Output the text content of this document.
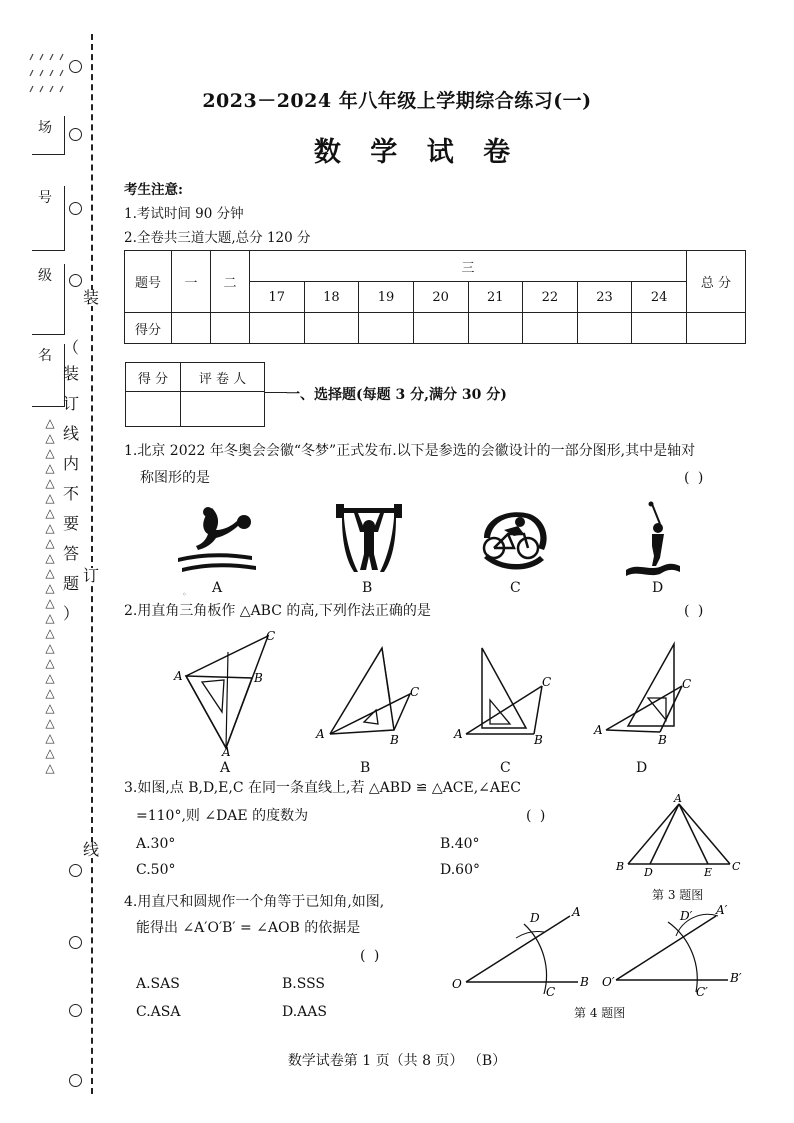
场
号
级
名
装
订
（
装
订
线
内
不
要
答
题
）
线
△
△
△
△
△
△
△
△
△
△
△
△
△
△
△
△
△
△
△
△
△
△
△
△
2023－2024 年八年级上学期综合练习(一)
数 学 试 卷
考生注意:
1.考试时间 90 分钟
2.全卷共三道大题,总分 120 分
题号	一	二	三								总 分
			17	18	19	20	21	22	23	24	
得分											
得 分	评 卷 人

一、选择题(每题 3 分,满分 30 分)
1.北京 2022 年冬奥会会徽“冬梦”正式发布.以下是参选的会徽设计的一部分图形,其中是轴对
称图形的是	( )
◦ A	B	C	D
2.用直角三角板作 △ABC 的高,下列作法正确的是	( )
A	B
C
A
A	B
C
A	B
C
A
B
C
A	B	C	D
3.如图,点 B,D,E,C 在同一条直线上,若 △ABD ≌ △ACE,∠AEC
=110°,则 ∠DAE 的度数为	( )
A.30°	B.40°
C.50°	D.60°
A
B D	E C
第 3 题图
4.用直尺和圆规作一个角等于已知角,如图,
能得出 ∠A′O′B′ = ∠AOB 的依据是
( )
A.SAS	B.SSS
C.ASA	D.AAS
O
D	A
C
B O′
D′ A′
C′
B′
第 4 题图
数学试卷第 1 页（共 8 页） （B）
